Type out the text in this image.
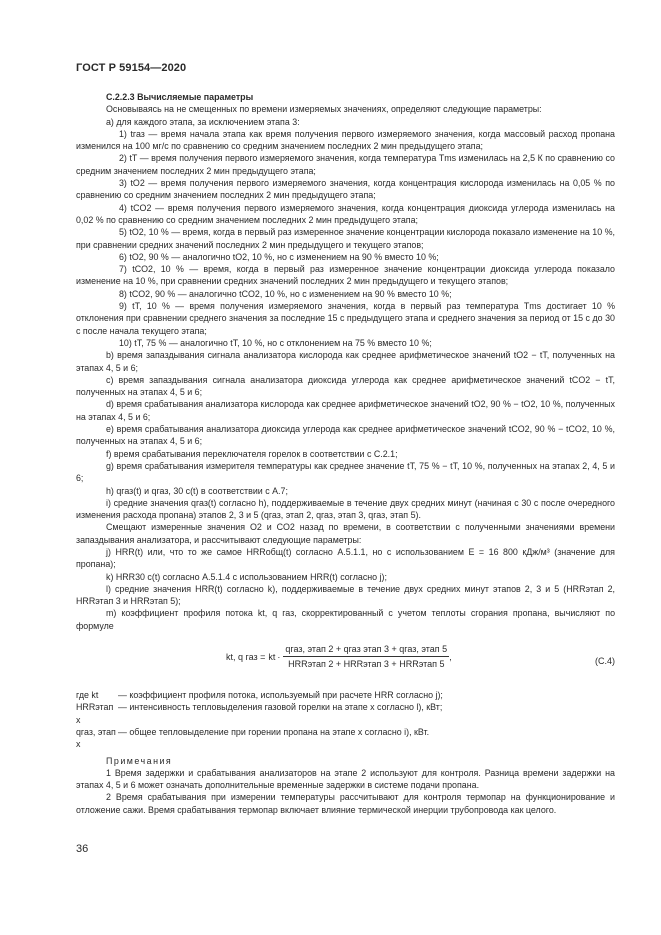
ГОСТ Р 59154—2020

С.2.2.3 Вычисляемые параметры

Основываясь на не смещенных по времени измеряемых значениях, определяют следующие параметры:

а) для каждого этапа, за исключением этапа 3:

1) tгаз — время начала этапа как время получения первого измеряемого значения, когда массовый расход пропана изменился на 100 мг/с по сравнению со средним значением последних 2 мин предыдущего этапа;

2) tT — время получения первого измеряемого значения, когда температура Tms изменилась на 2,5 К по сравнению со средним значением последних 2 мин предыдущего этапа;

3) tO2 — время получения первого измеряемого значения, когда концентрация кислорода изменилась на 0,05 % по сравнению со средним значением последних 2 мин предыдущего этапа;

4) tCO2 — время получения первого измеряемого значения, когда концентрация диоксида углерода изменилась на 0,02 % по сравнению со средним значением последних 2 мин предыдущего этапа;

5) tO2, 10 % — время, когда в первый раз измеренное значение концентрации кислорода показало изменение на 10 %, при сравнении средних значений последних 2 мин предыдущего и текущего этапов;

6) tO2, 90 % — аналогично tO2, 10 %, но с изменением на 90 % вместо 10 %;

7) tCO2, 10 % — время, когда в первый раз измеренное значение концентрации диоксида углерода показало изменение на 10 %, при сравнении средних значений последних 2 мин предыдущего и текущего этапов;

8) tCO2, 90 % — аналогично tCO2, 10 %, но с изменением на 90 % вместо 10 %;

9) tT, 10 % — время получения измеряемого значения, когда в первый раз температура Tms достигает 10 % отклонения при сравнении среднего значения за последние 15 с предыдущего этапа и среднего значения за период от 15 с до 30 с после начала текущего этапа;

10) tT, 75 % — аналогично tT, 10 %, но с отклонением на 75 % вместо 10 %;

b) время запаздывания сигнала анализатора кислорода как среднее арифметическое значений tO2 − tT, полученных на этапах 4, 5 и 6;

c) время запаздывания сигнала анализатора диоксида углерода как среднее арифметическое значений tCO2 − tT, полученных на этапах 4, 5 и 6;

d) время срабатывания анализатора кислорода как среднее арифметическое значений tO2, 90 % − tO2, 10 %, полученных на этапах 4, 5 и 6;

e) время срабатывания анализатора диоксида углерода как среднее арифметическое значений tCO2, 90 % − tCO2, 10 %, полученных на этапах 4, 5 и 6;

f) время срабатывания переключателя горелок в соответствии с С.2.1;

g) время срабатывания измерителя температуры как среднее значение tT, 75 % − tT, 10 %, полученных на этапах 2, 4, 5 и 6;

h) qгаз(t) и qгаз, 30 с(t) в соответствии с А.7;

i) средние значения qгаз(t) согласно h), поддерживаемые в течение двух средних минут (начиная с 30 с после очередного изменения расхода пропана) этапов 2, 3 и 5 (qгаз, этап 2, qгаз, этап 3, qгаз, этап 5).

Смещают измеренные значения O2 и CO2 назад по времени, в соответствии с полученными значениями времени запаздывания анализатора, и рассчитывают следующие параметры:

j) HRR(t) или, что то же самое HRRобщ(t) согласно А.5.1.1, но с использованием E = 16 800 кДж/м³ (значение для пропана);

k) HRR30 с(t) согласно А.5.1.4 с использованием HRR(t) согласно j);

l) средние значения HRR(t) согласно k), поддерживаемые в течение двух средних минут этапов 2, 3 и 5 (HRRэтап 2, HRRэтап 3 и HRRэтап 5);

m) коэффициент профиля потока kt, q газ, скорректированный с учетом теплоты сгорания пропана, вычисляют по формуле

kt, q газ = kt · $\frac{\text{qгаз, этап 2 + qгаз этап 3 + qгаз, этап 5}}{\text{HRRэтап 2 + HRRэтап 3 + HRRэтап 5}}$ ,	(С.4)
где kt	— коэффициент профиля потока, используемый при расчете HRR согласно j);
HRRэтап x
— интенсивность тепловыделения газовой горелки на этапе x согласно l), кВт;
qгаз, этап x
— общее тепловыделение при горении пропана на этапе x согласно i), кВт.

Примечания

1 Время задержки и срабатывания анализаторов на этапе 2 используют для контроля. Разница времени задержки на этапах 4, 5 и 6 может означать дополнительные временные задержки в системе подачи пропана.

2 Время срабатывания при измерении температуры рассчитывают для контроля термопар на функционирование и отложение сажи. Время срабатывания термопар включает влияние термической инерции трубопровода как целого.

36
